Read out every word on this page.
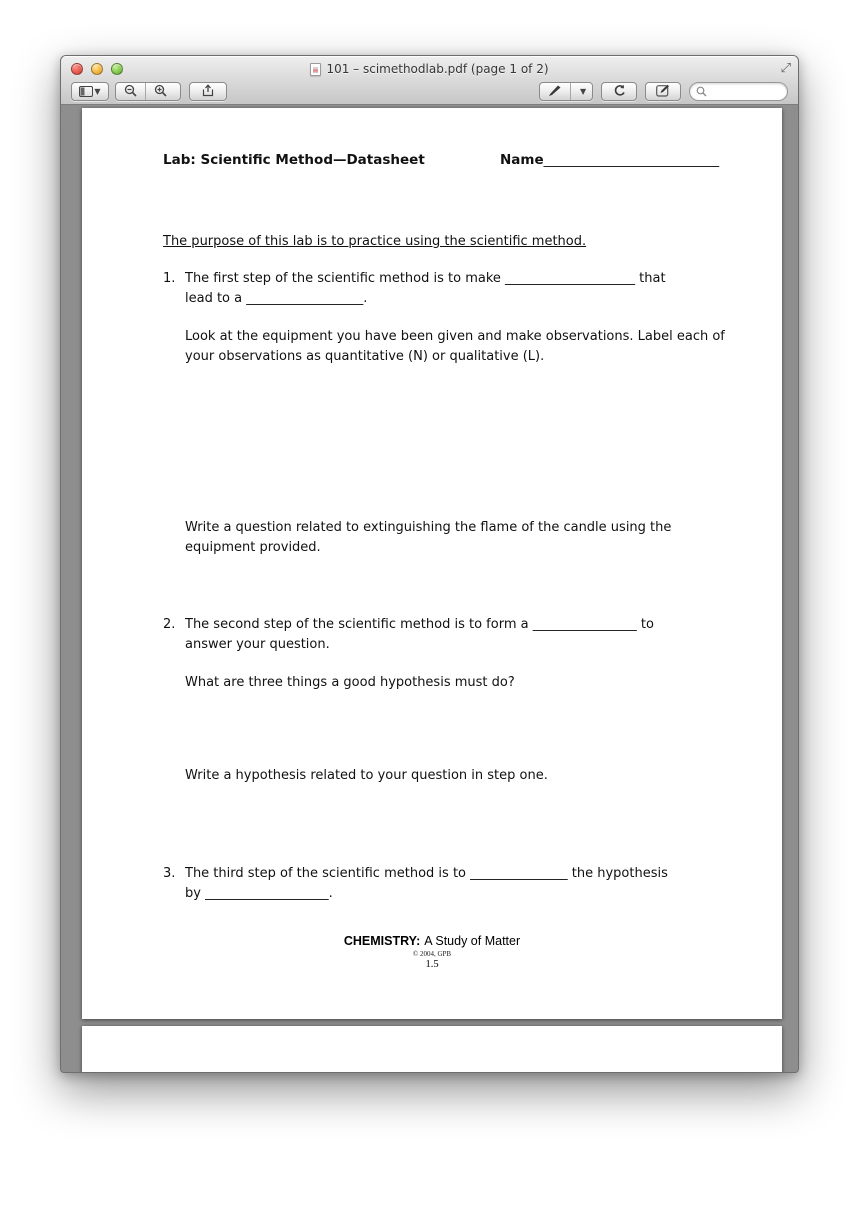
101 – scimethodlab.pdf (page 1 of 2)	⤢
▼	▼
Lab: Scientific Method—Datasheet	Name__________________________
The purpose of this lab is to practice using the scientific method.
1. The first step of the scientific method is to make ____________________ that
lead to a __________________.
Look at the equipment you have been given and make observations. Label each of
your observations as quantitative (N) or qualitative (L).
Write a question related to extinguishing the flame of the candle using the
equipment provided.
2. The second step of the scientific method is to form a ________________ to
answer your question.
What are three things a good hypothesis must do?
Write a hypothesis related to your question in step one.
3. The third step of the scientific method is to _______________ the hypothesis
by ___________________.
CHEMISTRY: A Study of Matter
© 2004, GPB
1.5
